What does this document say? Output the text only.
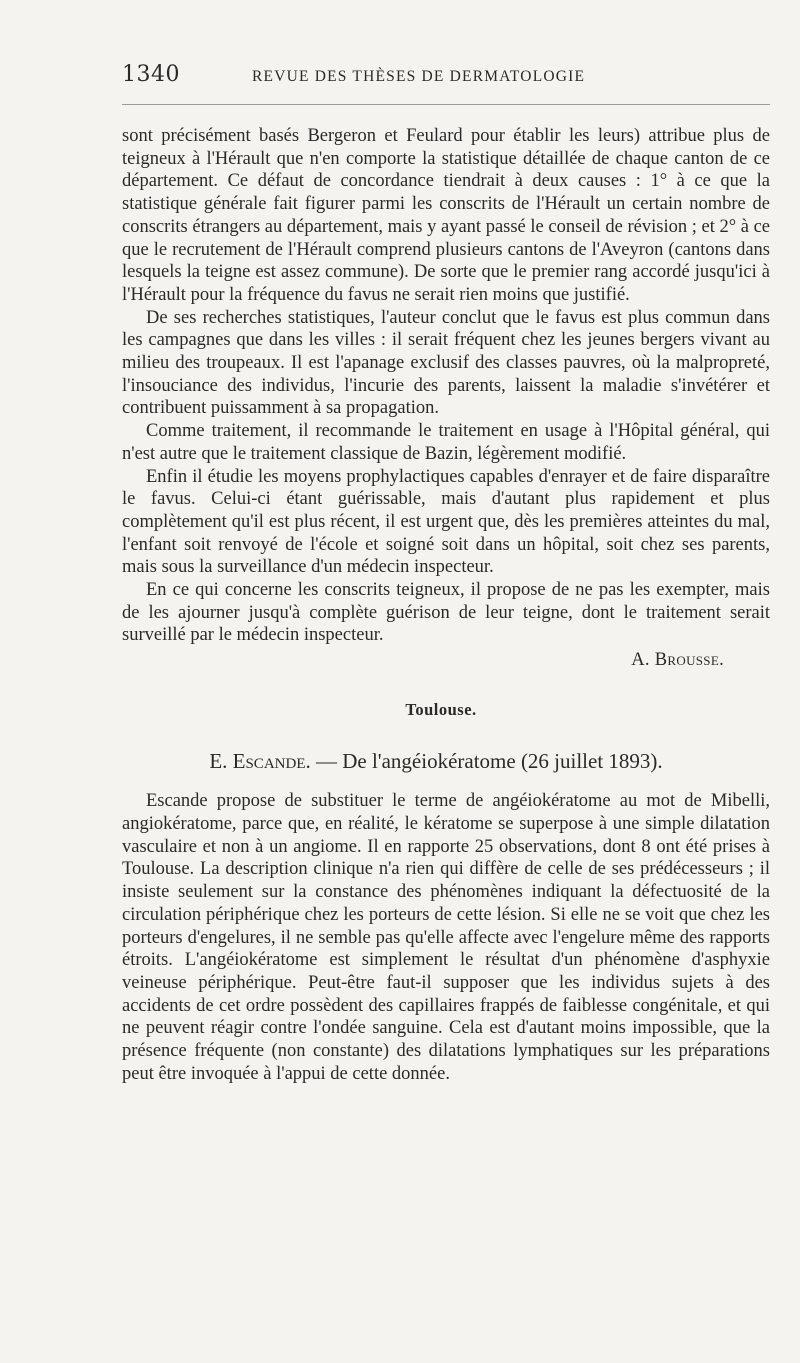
1340	REVUE DES THÈSES DE DERMATOLOGIE

sont précisément basés Bergeron et Feulard pour établir les leurs) attribue plus de teigneux à l'Hérault que n'en comporte la statistique détaillée de chaque canton de ce département. Ce défaut de concordance tiendrait à deux causes : 1° à ce que la statistique générale fait figurer parmi les conscrits de l'Hérault un certain nombre de conscrits étrangers au département, mais y ayant passé le conseil de révision ; et 2° à ce que le recrutement de l'Hérault comprend plusieurs cantons de l'Aveyron (cantons dans lesquels la teigne est assez commune). De sorte que le premier rang accordé jusqu'ici à l'Hérault pour la fréquence du favus ne serait rien moins que justifié.

De ses recherches statistiques, l'auteur conclut que le favus est plus commun dans les campagnes que dans les villes : il serait fréquent chez les jeunes bergers vivant au milieu des troupeaux. Il est l'apanage exclusif des classes pauvres, où la malpropreté, l'insouciance des individus, l'incurie des parents, laissent la maladie s'invétérer et contribuent puissamment à sa propagation.

Comme traitement, il recommande le traitement en usage à l'Hôpital général, qui n'est autre que le traitement classique de Bazin, légèrement modifié.

Enfin il étudie les moyens prophylactiques capables d'enrayer et de faire disparaître le favus. Celui-ci étant guérissable, mais d'autant plus rapidement et plus complètement qu'il est plus récent, il est urgent que, dès les premières atteintes du mal, l'enfant soit renvoyé de l'école et soigné soit dans un hôpital, soit chez ses parents, mais sous la surveillance d'un médecin inspecteur.

En ce qui concerne les conscrits teigneux, il propose de ne pas les exempter, mais de les ajourner jusqu'à complète guérison de leur teigne, dont le traitement serait surveillé par le médecin inspecteur.

A. Brousse.

Toulouse.

E. Escande. — De l'angéiokératome (26 juillet 1893).

Escande propose de substituer le terme de angéiokératome au mot de Mibelli, angiokératome, parce que, en réalité, le kératome se superpose à une simple dilatation vasculaire et non à un angiome. Il en rapporte 25 observations, dont 8 ont été prises à Toulouse. La description clinique n'a rien qui diffère de celle de ses prédécesseurs ; il insiste seulement sur la constance des phénomènes indiquant la défectuosité de la circulation périphérique chez les porteurs de cette lésion. Si elle ne se voit que chez les porteurs d'engelures, il ne semble pas qu'elle affecte avec l'engelure même des rapports étroits. L'angéiokératome est simplement le résultat d'un phénomène d'asphyxie veineuse périphérique. Peut-être faut-il supposer que les individus sujets à des accidents de cet ordre possèdent des capillaires frappés de faiblesse congénitale, et qui ne peuvent réagir contre l'ondée sanguine. Cela est d'autant moins impossible, que la présence fréquente (non constante) des dilatations lymphatiques sur les préparations peut être invoquée à l'appui de cette donnée.
